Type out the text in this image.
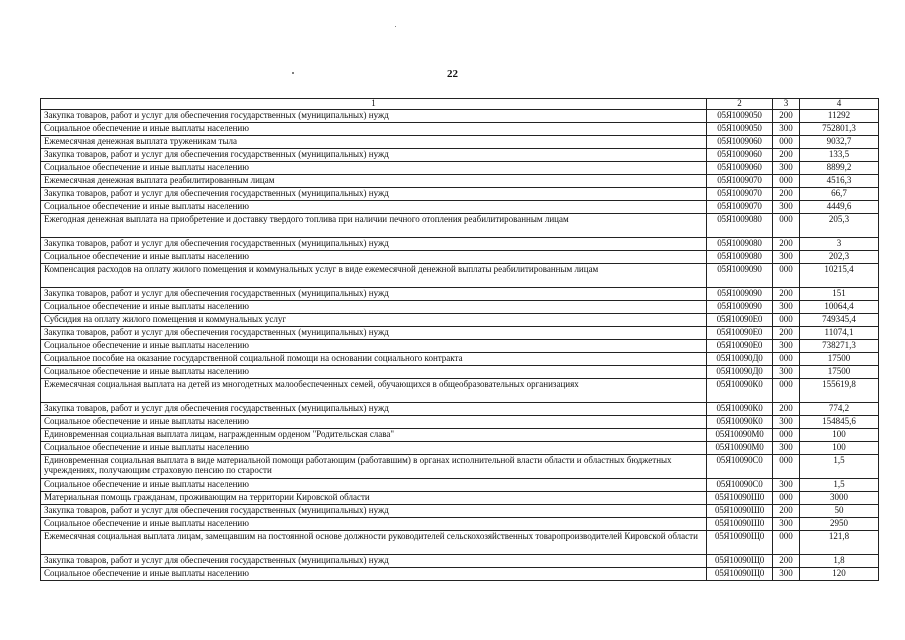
22
1	2	3	4
Закупка товаров, работ и услуг для обеспечения государственных (муниципальных) нужд	05Я1009050	200	11292
Социальное обеспечение и иные выплаты населению	05Я1009050	300	752801,3
Ежемесячная денежная выплата труженикам тыла	05Я1009060	000	9032,7
Закупка товаров, работ и услуг для обеспечения государственных (муниципальных) нужд	05Я1009060	200	133,5
Социальное обеспечение и иные выплаты населению	05Я1009060	300	8899,2
Ежемесячная денежная выплата реабилитированным лицам	05Я1009070	000	4516,3
Закупка товаров, работ и услуг для обеспечения государственных (муниципальных) нужд	05Я1009070	200	66,7
Социальное обеспечение и иные выплаты населению	05Я1009070	300	4449,6
Ежегодная денежная выплата на приобретение и доставку твердого топлива при наличии печного отопления реабилитированным лицам	05Я1009080	000	205,3
Закупка товаров, работ и услуг для обеспечения государственных (муниципальных) нужд	05Я1009080	200	3
Социальное обеспечение и иные выплаты населению	05Я1009080	300	202,3
Компенсация расходов на оплату жилого помещения и коммунальных услуг в виде ежемесячной денежной выплаты реабилитированным лицам	05Я1009090	000	10215,4
Закупка товаров, работ и услуг для обеспечения государственных (муниципальных) нужд	05Я1009090	200	151
Социальное обеспечение и иные выплаты населению	05Я1009090	300	10064,4
Субсидия на оплату жилого помещения и коммунальных услуг	05Я10090Е0	000	749345,4
Закупка товаров, работ и услуг для обеспечения государственных (муниципальных) нужд	05Я10090Е0	200	11074,1
Социальное обеспечение и иные выплаты населению	05Я10090Е0	300	738271,3
Социальное пособие на оказание государственной социальной помощи на основании социального контракта	05Я10090Д0	000	17500
Социальное обеспечение и иные выплаты населению	05Я10090Д0	300	17500
Ежемесячная социальная выплата на детей из многодетных малообеспеченных семей, обучающихся в общеобразовательных организациях	05Я10090К0	000	155619,8
Закупка товаров, работ и услуг для обеспечения государственных (муниципальных) нужд	05Я10090К0	200	774,2
Социальное обеспечение и иные выплаты населению	05Я10090К0	300	154845,6
Единовременная социальная выплата лицам, награжденным орденом "Родительская слава"	05Я10090М0	000	100
Социальное обеспечение и иные выплаты населению	05Я10090М0	300	100
Единовременная социальная выплата в виде материальной помощи работающим (работавшим) в органах исполнительной власти области и областных бюджетных учреждениях, получающим страховую пенсию по старости	05Я10090С0	000	1,5
Социальное обеспечение и иные выплаты населению	05Я10090С0	300	1,5
Материальная помощь гражданам, проживающим на территории Кировской области	05Я10090Ш0	000	3000
Закупка товаров, работ и услуг для обеспечения государственных (муниципальных) нужд	05Я10090Ш0	200	50
Социальное обеспечение и иные выплаты населению	05Я10090Ш0	300	2950
Ежемесячная социальная выплата лицам, замещавшим на постоянной основе должности руководителей сельскохозяйственных товаропроизводителей Кировской области	05Я10090Щ0	000	121,8
Закупка товаров, работ и услуг для обеспечения государственных (муниципальных) нужд	05Я10090Щ0	200	1,8
Социальное обеспечение и иные выплаты населению	05Я10090Щ0	300	120
